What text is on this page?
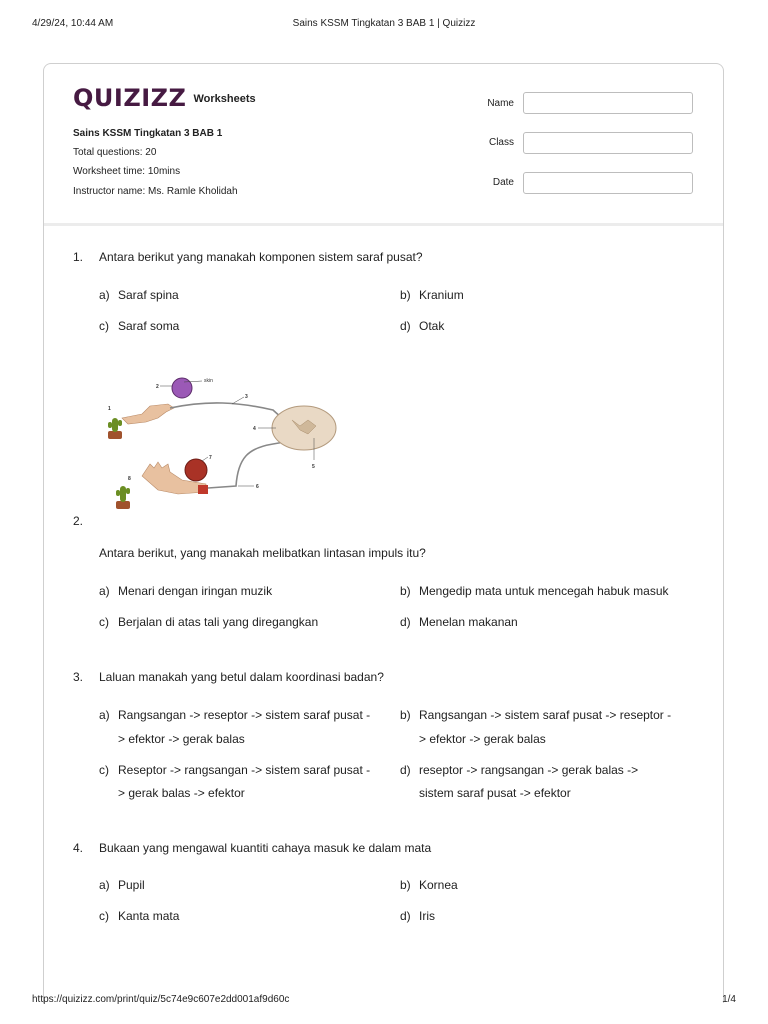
4/29/24, 10:44 AM	Sains KSSM Tingkatan 3 BAB 1 | Quizizz
QUIZIZZ Worksheets
Sains KSSM Tingkatan 3 BAB 1
Total questions: 20
Worksheet time: 10mins
Instructor name: Ms. Ramle Kholidah
Name
Class
Date
1. Antara berikut yang manakah komponen sistem saraf pusat?
a) Saraf spina	b) Kranium
c) Saraf soma	d) Otak
skin
2
1
3
4
5
6
7
8
2.
Antara berikut, yang manakah melibatkan lintasan impuls itu?
a) Menari dengan iringan muzik	b) Mengedip mata untuk mencegah habuk masuk
c) Berjalan di atas tali yang diregangkan	d) Menelan makanan
3. Laluan manakah yang betul dalam koordinasi badan?
a) Rangsangan -> reseptor -> sistem saraf pusat -
> efektor -> gerak balas
b) Rangsangan -> sistem saraf pusat -> reseptor -
> efektor -> gerak balas
c) Reseptor -> rangsangan -> sistem saraf pusat -
> gerak balas -> efektor
d) reseptor -> rangsangan -> gerak balas ->
sistem saraf pusat -> efektor
4. Bukaan yang mengawal kuantiti cahaya masuk ke dalam mata
a) Pupil	b) Kornea
c) Kanta mata	d) Iris
https://quizizz.com/print/quiz/5c74e9c607e2dd001af9d60c	1/4
